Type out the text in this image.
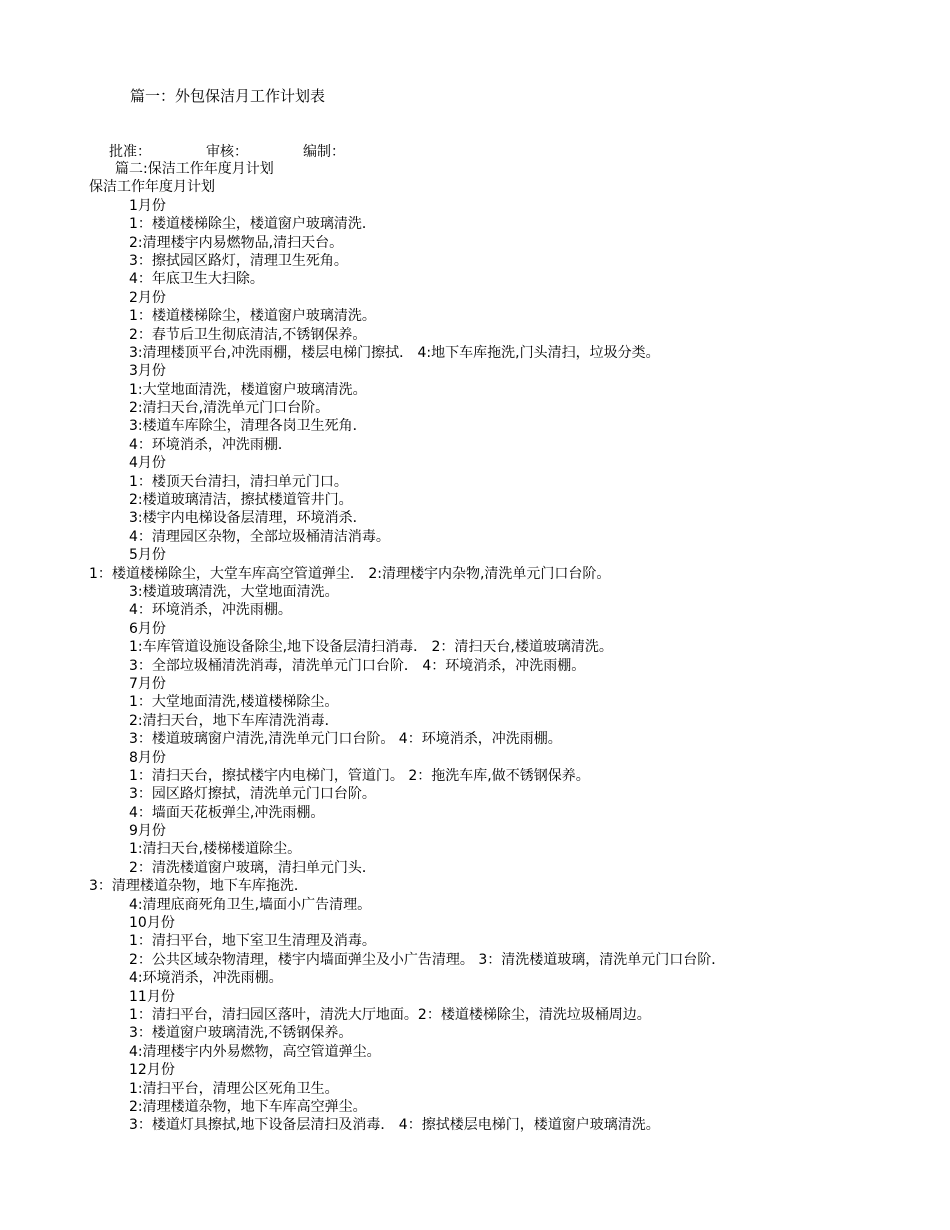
篇一：外包保洁月工作计划表
批准：	审核：	编制：
篇二:保洁工作年度月计划
保洁工作年度月计划
1月份
1：楼道楼梯除尘，楼道窗户玻璃清洗．
2:清理楼宇内易燃物品,清扫天台。
3：擦拭园区路灯，清理卫生死角。
4：年底卫生大扫除。
2月份
1：楼道楼梯除尘，楼道窗户玻璃清洗。
2：春节后卫生彻底清洁,不锈钢保养。
3:清理楼顶平台,冲洗雨棚，楼层电梯门擦拭． 4:地下车库拖洗,门头清扫，垃圾分类。
3月份
1:大堂地面清洗，楼道窗户玻璃清洗。
2:清扫天台,清洗单元门口台阶。
3:楼道车库除尘，清理各岗卫生死角．
4：环境消杀，冲洗雨棚．
4月份
1：楼顶天台清扫，清扫单元门口。
2:楼道玻璃清洁，擦拭楼道管井门。
3:楼宇内电梯设备层清理，环境消杀．
4：清理园区杂物，全部垃圾桶清洁消毒。
5月份
1：楼道楼梯除尘，大堂车库高空管道弹尘． 2:清理楼宇内杂物,清洗单元门口台阶。
3:楼道玻璃清洗，大堂地面清洗。
4：环境消杀，冲洗雨棚。
6月份
1:车库管道设施设备除尘,地下设备层清扫消毒． 2：清扫天台,楼道玻璃清洗。
3：全部垃圾桶清洗消毒，清洗单元门口台阶． 4：环境消杀，冲洗雨棚。
7月份
1：大堂地面清洗,楼道楼梯除尘。
2:清扫天台，地下车库清洗消毒．
3：楼道玻璃窗户清洗,清洗单元门口台阶。 4：环境消杀，冲洗雨棚。
8月份
1：清扫天台，擦拭楼宇内电梯门，管道门。 2：拖洗车库,做不锈钢保养。
3：园区路灯擦拭，清洗单元门口台阶。
4：墙面天花板弹尘,冲洗雨棚。
9月份
1:清扫天台,楼梯楼道除尘。
2：清洗楼道窗户玻璃，清扫单元门头．
3：清理楼道杂物，地下车库拖洗．
4:清理底商死角卫生,墙面小广告清理。
10月份
1：清扫平台，地下室卫生清理及消毒。
2：公共区域杂物清理，楼宇内墙面弹尘及小广告清理。 3：清洗楼道玻璃，清洗单元门口台阶．
4:环境消杀，冲洗雨棚。
11月份
1：清扫平台，清扫园区落叶，清洗大厅地面。2：楼道楼梯除尘，清洗垃圾桶周边。
3：楼道窗户玻璃清洗,不锈钢保养。
4:清理楼宇内外易燃物，高空管道弹尘。
12月份
1:清扫平台，清理公区死角卫生。
2:清理楼道杂物，地下车库高空弹尘。
3：楼道灯具擦拭,地下设备层清扫及消毒． 4：擦拭楼层电梯门，楼道窗户玻璃清洗。
